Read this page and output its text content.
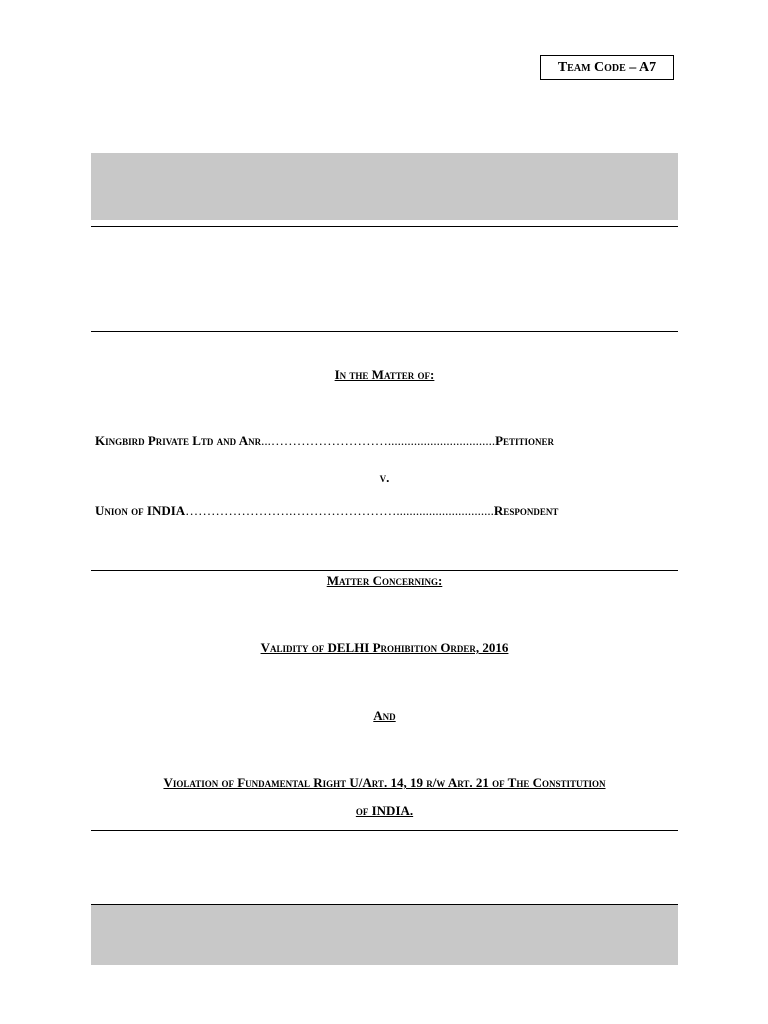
Team Code – A7
In the Matter of:
Kingbird Private Ltd and Anr...……………………….................................Petitioner
v.
Union of INDIA…………………….……………………..............................Respondent
Matter Concerning:
Validity of DELHI Prohibition Order, 2016
And
Violation of Fundamental Right U/Art. 14, 19 r/w Art. 21 of The Constitution
of INDIA.
